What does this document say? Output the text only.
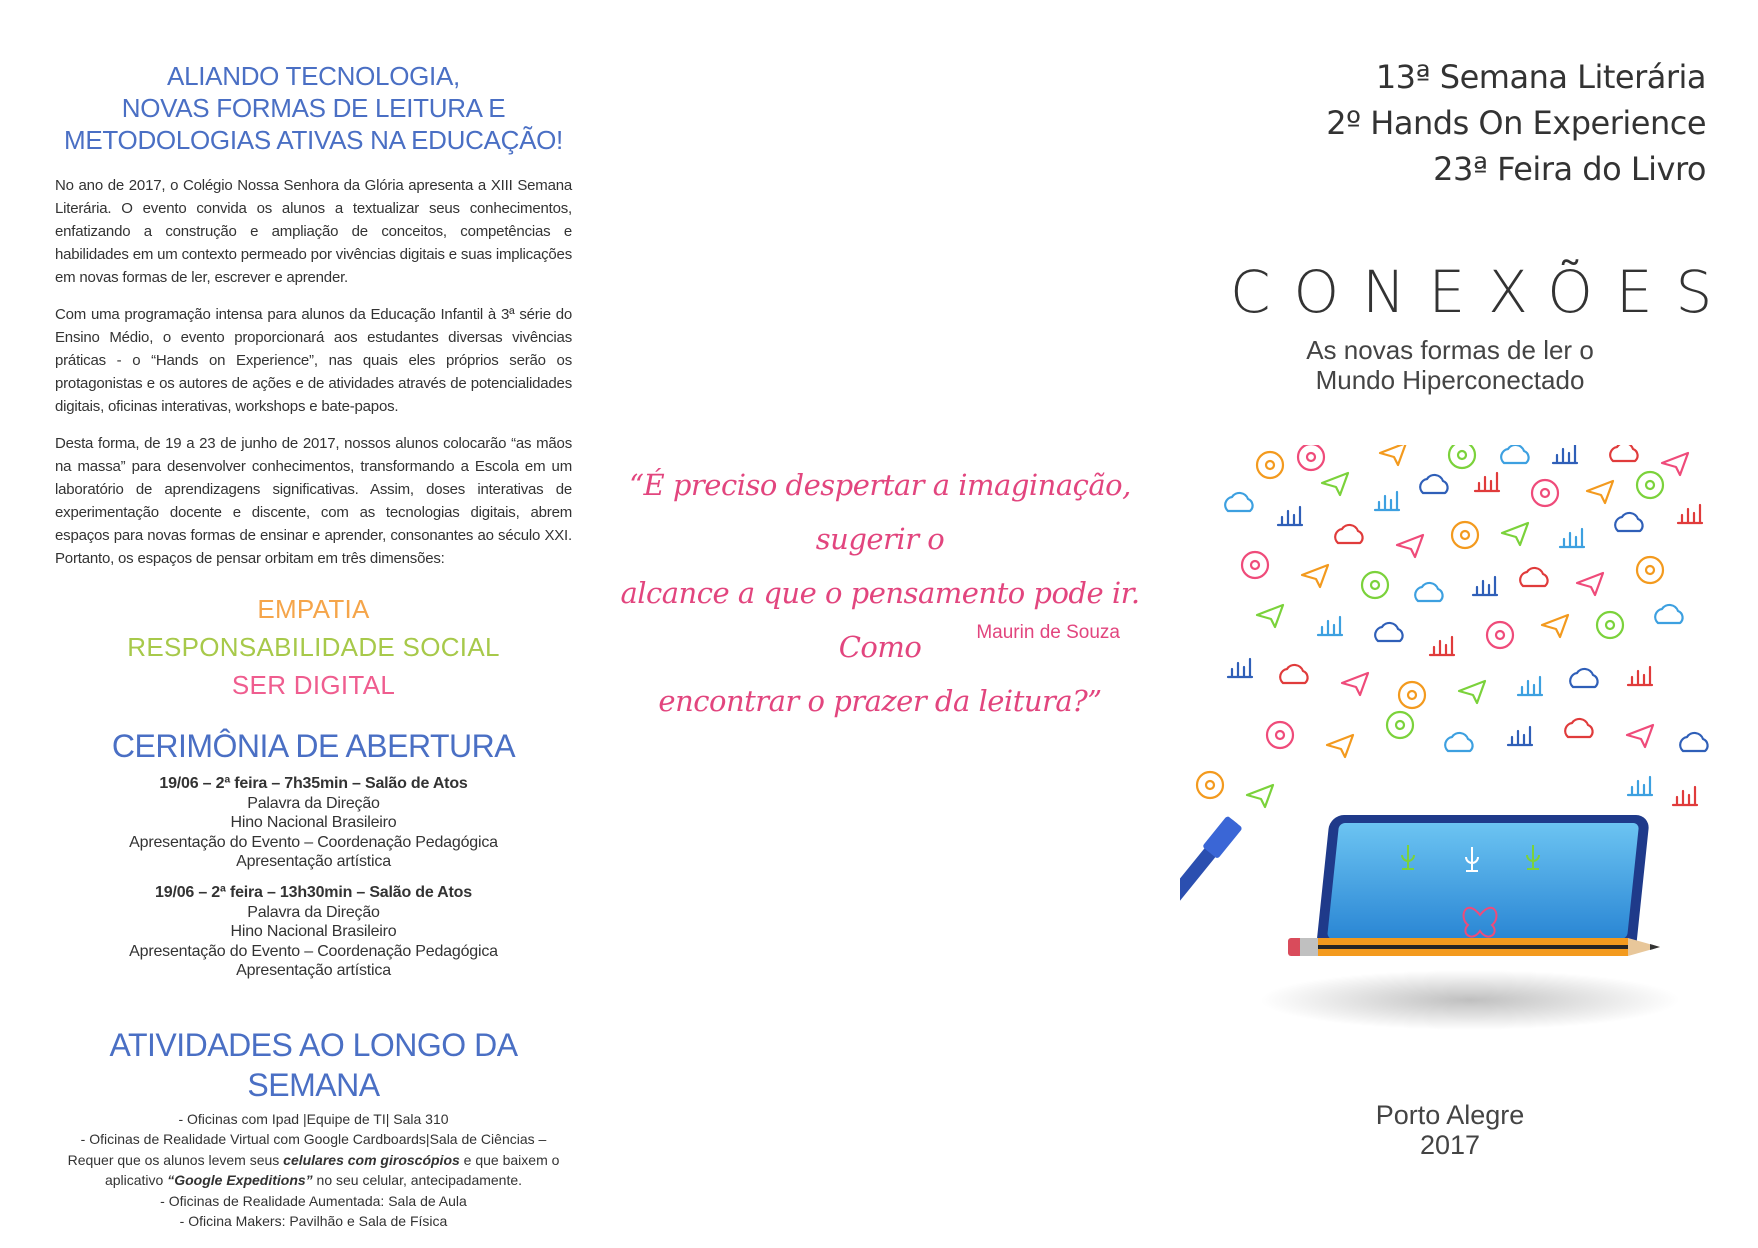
ALIANDO TECNOLOGIA,
NOVAS FORMAS DE LEITURA E
METODOLOGIAS ATIVAS NA EDUCAÇÃO!

No ano de 2017, o Colégio Nossa Senhora da Glória apresenta a XIII Semana Literária. O evento convida os alunos a textualizar seus conhecimentos, enfatizando a construção e ampliação de conceitos, competências e habilidades em um contexto permeado por vivências digitais e suas implicações em novas formas de ler, escrever e aprender.

Com uma programação intensa para alunos da Educação Infantil à 3ª série do Ensino Médio, o evento proporcionará aos estudantes diversas vivências práticas - o “Hands on Experience”, nas quais eles próprios serão os protagonistas e os autores de ações e de atividades através de potencialidades digitais, oficinas interativas, workshops e bate-papos.

Desta forma, de 19 a 23 de junho de 2017, nossos alunos colocarão “as mãos na massa” para desenvolver conhecimentos, transformando a Escola em um laboratório de aprendizagens significativas. Assim, doses interativas de experimentação docente e discente, com as tecnologias digitais, abrem espaços para novas formas de ensinar e aprender, consonantes ao século XXI. Portanto, os espaços de pensar orbitam em três dimensões:

EMPATIA
RESPONSABILIDADE SOCIAL
SER DIGITAL
CERIMÔNIA DE ABERTURA
19/06 – 2ª feira – 7h35min – Salão de Atos
Palavra da Direção
Hino Nacional Brasileiro
Apresentação do Evento – Coordenação Pedagógica
Apresentação artística
19/06 – 2ª feira – 13h30min – Salão de Atos
Palavra da Direção
Hino Nacional Brasileiro
Apresentação do Evento – Coordenação Pedagógica
Apresentação artística
ATIVIDADES AO LONGO DA SEMANA
- Oficinas com Ipad |Equipe de TI| Sala 310
- Oficinas de Realidade Virtual com Google Cardboards|Sala de Ciências –
Requer que os alunos levem seus celulares com giroscópios e que baixem o
aplicativo “Google Expeditions” no seu celular, antecipadamente.
- Oficinas de Realidade Aumentada: Sala de Aula
- Oficina Makers: Pavilhão e Sala de Física
“É preciso despertar a imaginação, sugerir o
alcance a que o pensamento pode ir. Como
encontrar o prazer da leitura?”
Maurin de Souza
13ª Semana Literária
2º Hands On Experience
23ª Feira do Livro
CONEXÕES
As novas formas de ler o
Mundo Hiperconectado
Porto Alegre
2017
